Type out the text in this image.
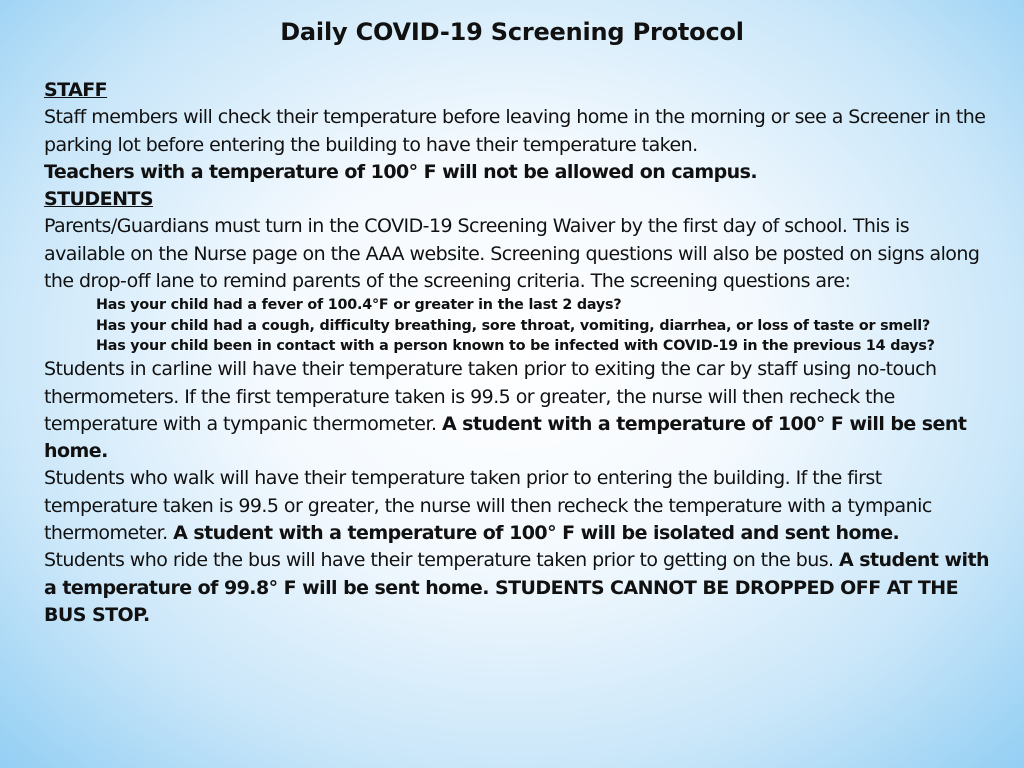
Daily COVID-19 Screening Protocol
STAFF

Staff members will check their temperature before leaving home in the morning or see a Screener in the parking lot before entering the building to have their temperature taken.
Teachers with a temperature of 100° F will not be allowed on campus.

STUDENTS

Parents/Guardians must turn in the COVID-19 Screening Waiver by the first day of school. This is available on the Nurse page on the AAA website. Screening questions will also be posted on signs along the drop-off lane to remind parents of the screening criteria. The screening questions are:

Has your child had a fever of 100.4°F or greater in the last 2 days?
Has your child had a cough, difficulty breathing, sore throat, vomiting, diarrhea, or loss of taste or smell?
Has your child been in contact with a person known to be infected with COVID-19 in the previous 14 days?

Students in carline will have their temperature taken prior to exiting the car by staff using no-touch thermometers. If the first temperature taken is 99.5 or greater, the nurse will then recheck the temperature with a tympanic thermometer. A student with a temperature of 100° F will be sent home.

Students who walk will have their temperature taken prior to entering the building. If the first temperature taken is 99.5 or greater, the nurse will then recheck the temperature with a tympanic thermometer. A student with a temperature of 100° F will be isolated and sent home.

Students who ride the bus will have their temperature taken prior to getting on the bus. A student with a temperature of 99.8° F will be sent home. STUDENTS CANNOT BE DROPPED OFF AT THE BUS STOP.
